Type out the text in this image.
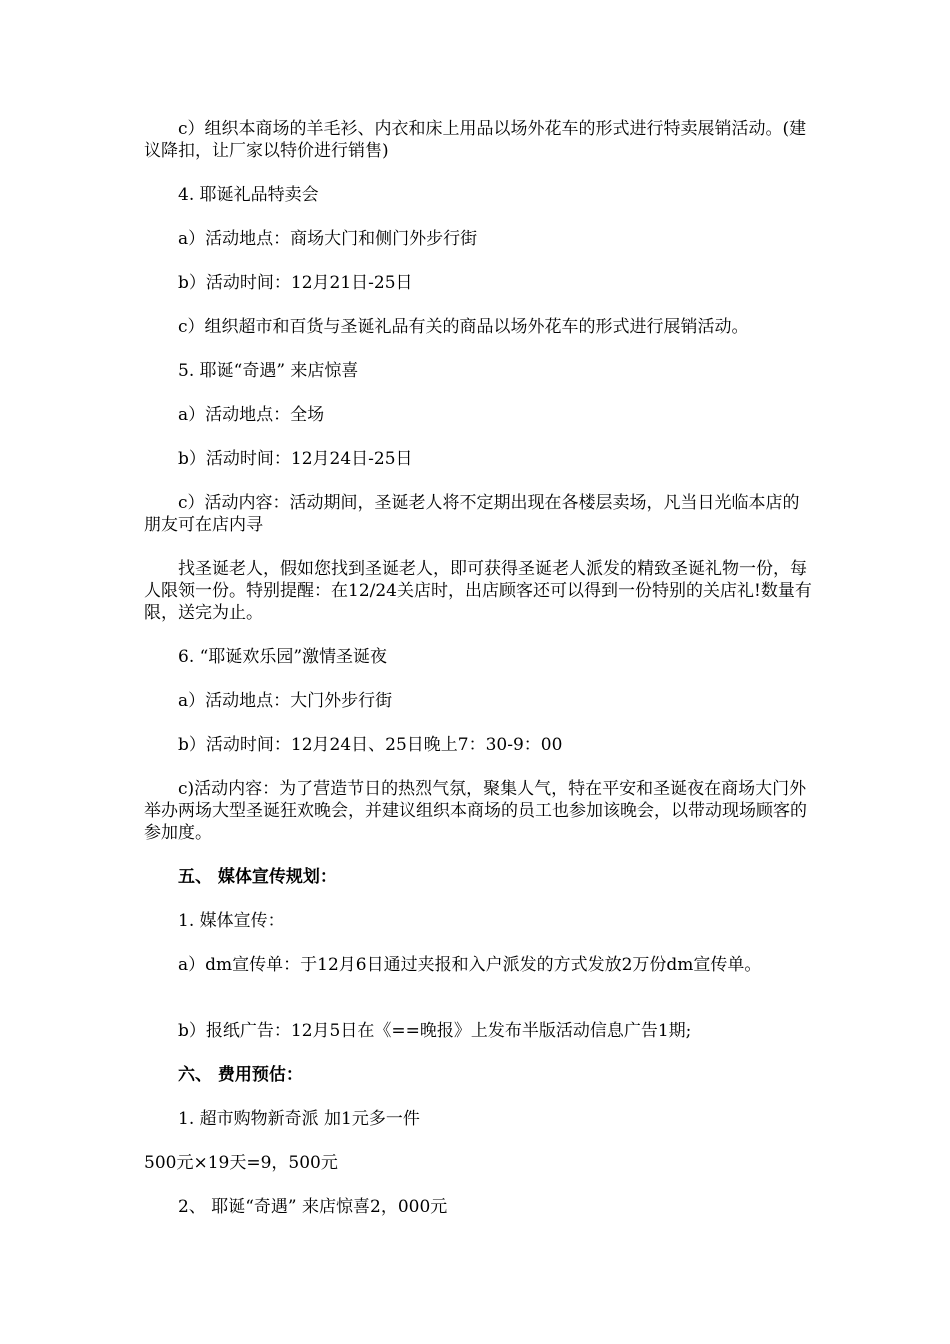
c）组织本商场的羊毛衫、内衣和床上用品以场外花车的形式进行特卖展销活动。(建议降扣，让厂家以特价进行销售)

4. 耶诞礼品特卖会

a）活动地点：商场大门和侧门外步行街

b）活动时间：12月21日-25日

c）组织超市和百货与圣诞礼品有关的商品以场外花车的形式进行展销活动。

5. 耶诞“奇遇” 来店惊喜

a）活动地点：全场

b）活动时间：12月24日-25日

c）活动内容：活动期间，圣诞老人将不定期出现在各楼层卖场，凡当日光临本店的朋友可在店内寻

找圣诞老人，假如您找到圣诞老人，即可获得圣诞老人派发的精致圣诞礼物一份，每人限领一份。特别提醒：在12/24关店时，出店顾客还可以得到一份特别的关店礼!数量有限，送完为止。

6. “耶诞欢乐园”激情圣诞夜

a）活动地点：大门外步行街

b）活动时间：12月24日、25日晚上7：30-9：00

c)活动内容：为了营造节日的热烈气氛，聚集人气，特在平安和圣诞夜在商场大门外举办两场大型圣诞狂欢晚会，并建议组织本商场的员工也参加该晚会，以带动现场顾客的参加度。

五、 媒体宣传规划：

1. 媒体宣传：

a）dm宣传单：于12月6日通过夹报和入户派发的方式发放2万份dm宣传单。

b）报纸广告：12月5日在《==晚报》上发布半版活动信息广告1期;

六、 费用预估：

1. 超市购物新奇派 加1元多一件

500元×19天=9，500元

2、 耶诞“奇遇” 来店惊喜2，000元
